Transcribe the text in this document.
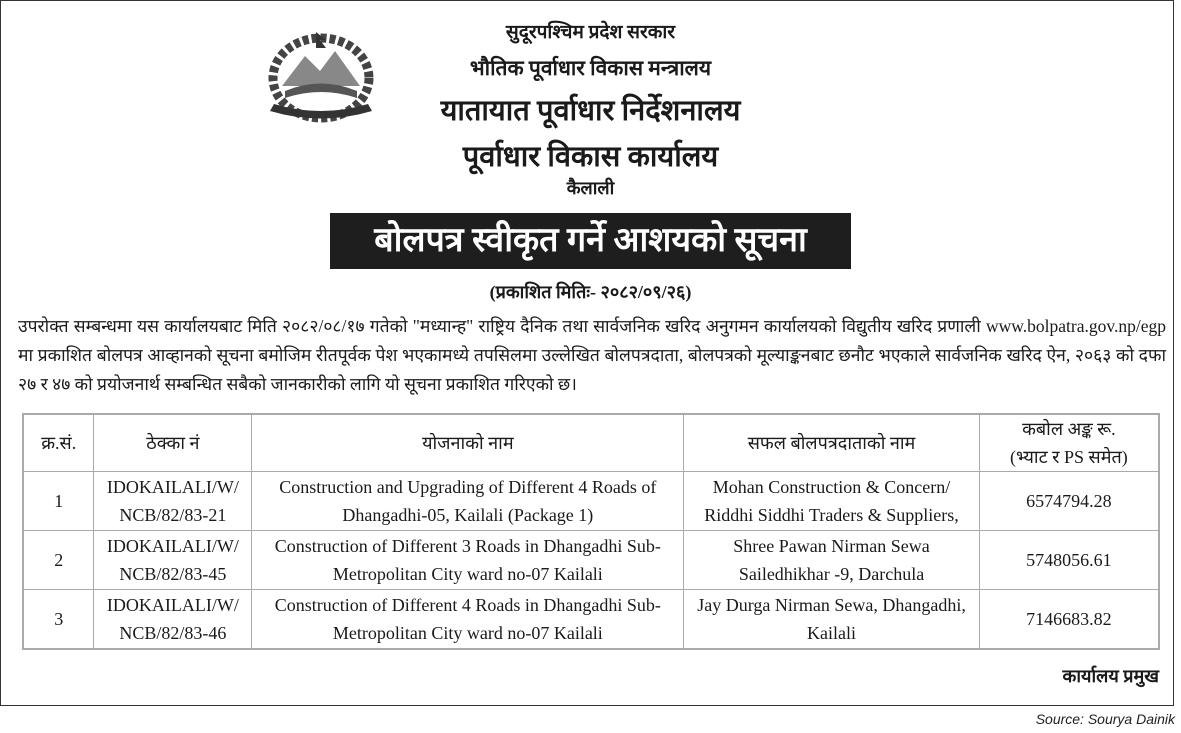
सुदूरपश्चिम प्रदेश सरकार
भौतिक पूर्वाधार विकास मन्त्रालय
यातायात पूर्वाधार निर्देशनालय
पूर्वाधार विकास कार्यालय
कैलाली
बोलपत्र स्वीकृत गर्ने आशयको सूचना
(प्रकाशित मितिः- २०८२/०९/२६)
उपरोक्त सम्बन्धमा यस कार्यालयबाट मिति २०८२/०८/१७ गतेको "मध्यान्ह" राष्ट्रिय दैनिक तथा सार्वजनिक खरिद अनुगमन कार्यालयको विद्युतीय खरिद प्रणाली www.bolpatra.gov.np/egp मा प्रकाशित बोलपत्र आव्हानको सूचना बमोजिम रीतपूर्वक पेश भएकामध्ये तपसिलमा उल्लेखित बोलपत्रदाता, बोलपत्रको मूल्याङ्कनबाट छनौट भएकाले सार्वजनिक खरिद ऐन, २०६३ को दफा २७ र ४७ को प्रयोजनार्थ सम्बन्धित सबैको जानकारीको लागि यो सूचना प्रकाशित गरिएको छ।
क्र.सं.	ठेक्का नं	योजनाको नाम	सफल बोलपत्रदाताको नाम	कबोल अङ्क रू.
(भ्याट र PS समेत)
1	IDOKAILALI/W/ NCB/82/83-21	Construction and Upgrading of Different 4 Roads of Dhangadhi-05, Kailali (Package 1)	Mohan Construction & Concern/ Riddhi Siddhi Traders & Suppliers,	6574794.28
2	IDOKAILALI/W/ NCB/82/83-45	Construction of Different 3 Roads in Dhangadhi Sub-Metropolitan City ward no-07 Kailali	Shree Pawan Nirman Sewa Sailedhikhar -9, Darchula	5748056.61
3	IDOKAILALI/W/ NCB/82/83-46	Construction of Different 4 Roads in Dhangadhi Sub-Metropolitan City ward no-07 Kailali	Jay Durga Nirman Sewa, Dhangadhi, Kailali	7146683.82
कार्यालय प्रमुख
Source: Sourya Dainik
